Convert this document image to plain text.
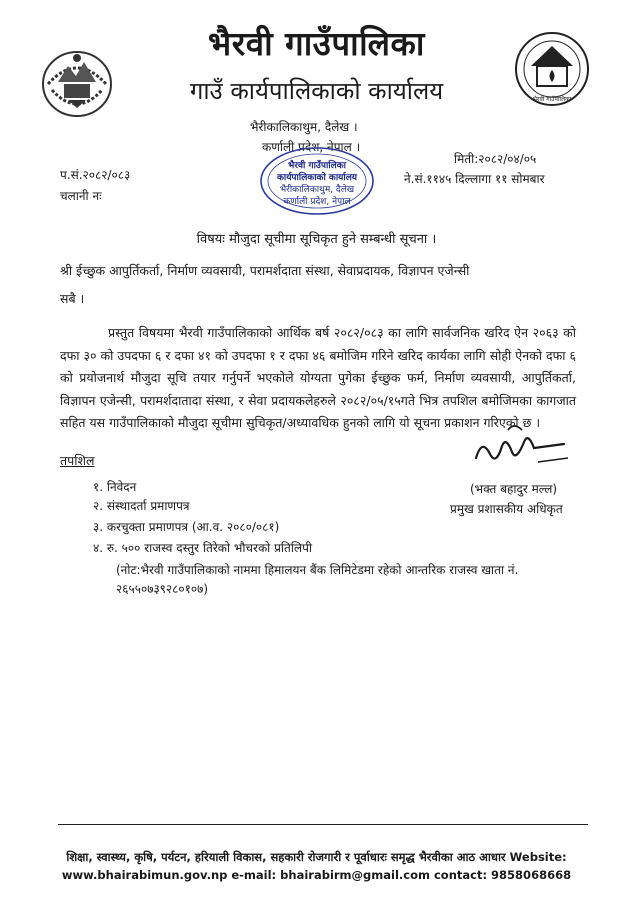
भैरवी गाउँपालिका
भैरवी गाउँपालिका
गाउँ कार्यपालिकाको कार्यालय
भैरीकालिकाथुम, दैलेख ।
कर्णाली प्रदेश, नेपाल ।
भैरवी गाउँपालिका
कार्यपालिकाको कार्यालय
भैरीकालिकाथुम, दैलेख
कर्णाली प्रदेश, नेपाल
प.सं.२०८२/०८३
चलानी नः
मिती:२०८२/०४/०५
ने.सं.११४५ दिल्लागा ११ सोमबार
विषयः मौजुदा सूचीमा सूचिकृत हुने सम्बन्धी सूचना ।
श्री ईच्छुक आपुर्तिकर्ता, निर्माण व्यवसायी, परामर्शदाता संस्था, सेवाप्रदायक, विज्ञापन एजेन्सी
सबै ।
प्रस्तुत विषयमा भैरवी गाउँपालिकाको आर्थिक बर्ष २०८२/०८३ का लागि सार्वजनिक खरिद ऐन २०६३ को दफा ३० को उपदफा ६ र दफा ४१ को उपदफा १ र दफा ४६ बमोजिम गरिने खरिद कार्यका लागि सोही ऐनको दफा ६ को प्रयोजनार्थ मौजुदा सूचि तयार गर्नुपर्ने भएकोले योग्यता पुगेका ईच्छुक फर्म, निर्माण व्यवसायी, आपुर्तिकर्ता, विज्ञापन एजेन्सी, परामर्शदातादा संस्था, र सेवा प्रदायकलेहरुले २०८२/०५/१५गते भित्र तपशिल बमोजिमका कागजात सहित यस गाउँपालिकाको मौजुदा सूचीमा सुचिकृत/अध्यावधिक हुनको लागि यो सूचना प्रकाशन गरिएको छ ।
तपशिल
१. निवेदन
२. संस्थादर्ता प्रमाणपत्र
३. करचुक्ता प्रमाणपत्र (आ.व. २०८०/०८१)
४. रु. ५०० राजस्व दस्तुर तिरेको भौचरको प्रतिलिपी
(नोट:भैरवी गाउँपालिकाको नाममा हिमालयन बैंक लिमिटेडमा रहेको आन्तरिक राजस्व खाता नं. २६५५०७३९२८०१०७)
(भक्त बहादुर मल्ल)
प्रमुख प्रशासकीय अधिकृत
शिक्षा, स्वास्थ्य, कृषि, पर्यटन, हरियाली विकास, सहकारी रोजगारी र पूर्वाधारः समृद्ध भैरवीका आठ आधार Website:
www.bhairabimun.gov.np e-mail: bhairabirm@gmail.com contact: 9858068668
